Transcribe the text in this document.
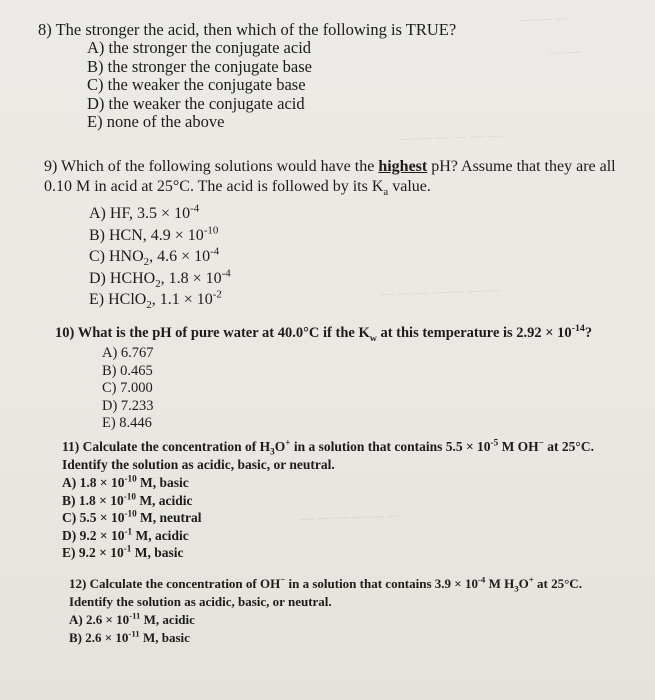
— — —
— —
— — — — — —
— — — — — — —
— — — — — —

8) The stronger the acid, then which of the following is TRUE?

A) the stronger the conjugate acid
B) the stronger the conjugate base
C) the weaker the conjugate base
D) the weaker the conjugate acid
E) none of the above

9) Which of the following solutions would have the highest pH? Assume that they are all 0.10 M in acid at 25°C. The acid is followed by its $K_a$ value.

A) HF, $3.5 \times 10^{-4}$
B) HCN, $4.9 \times 10^{-10}$
C) $HNO_2$, $4.6 \times 10^{-4}$
D) $HCHO_2$, $1.8 \times 10^{-4}$
E) HClO$_2$, $1.1 \times 10^{-2}$

10) What is the pH of pure water at 40.0°C if the $K_w$ at this temperature is $2.92 \times 10^{-14}$?

A) 6.767
B) 0.465
C) 7.000
D) 7.233
E) 8.446

11) Calculate the concentration of $H_3O^+$ in a solution that contains $5.5 \times 10^{-5}$ M OH− at 25°C.
Identify the solution as acidic, basic, or neutral.

A) $1.8 \times 10^{-10}$ M, basic
B) $1.8 \times 10^{-10}$ M, acidic
C) $5.5 \times 10^{-10}$ M, neutral
D) $9.2 \times 10^{-1}$ M, acidic
E) $9.2 \times 10^{-1}$ M, basic

12) Calculate the concentration of OH− in a solution that contains $3.9 \times 10^{-4}$ M $H_3O^+$ at 25°C.
Identify the solution as acidic, basic, or neutral.

A) $2.6 \times 10^{-11}$ M, acidic
B) $2.6 \times 10^{-11}$ M, basic
